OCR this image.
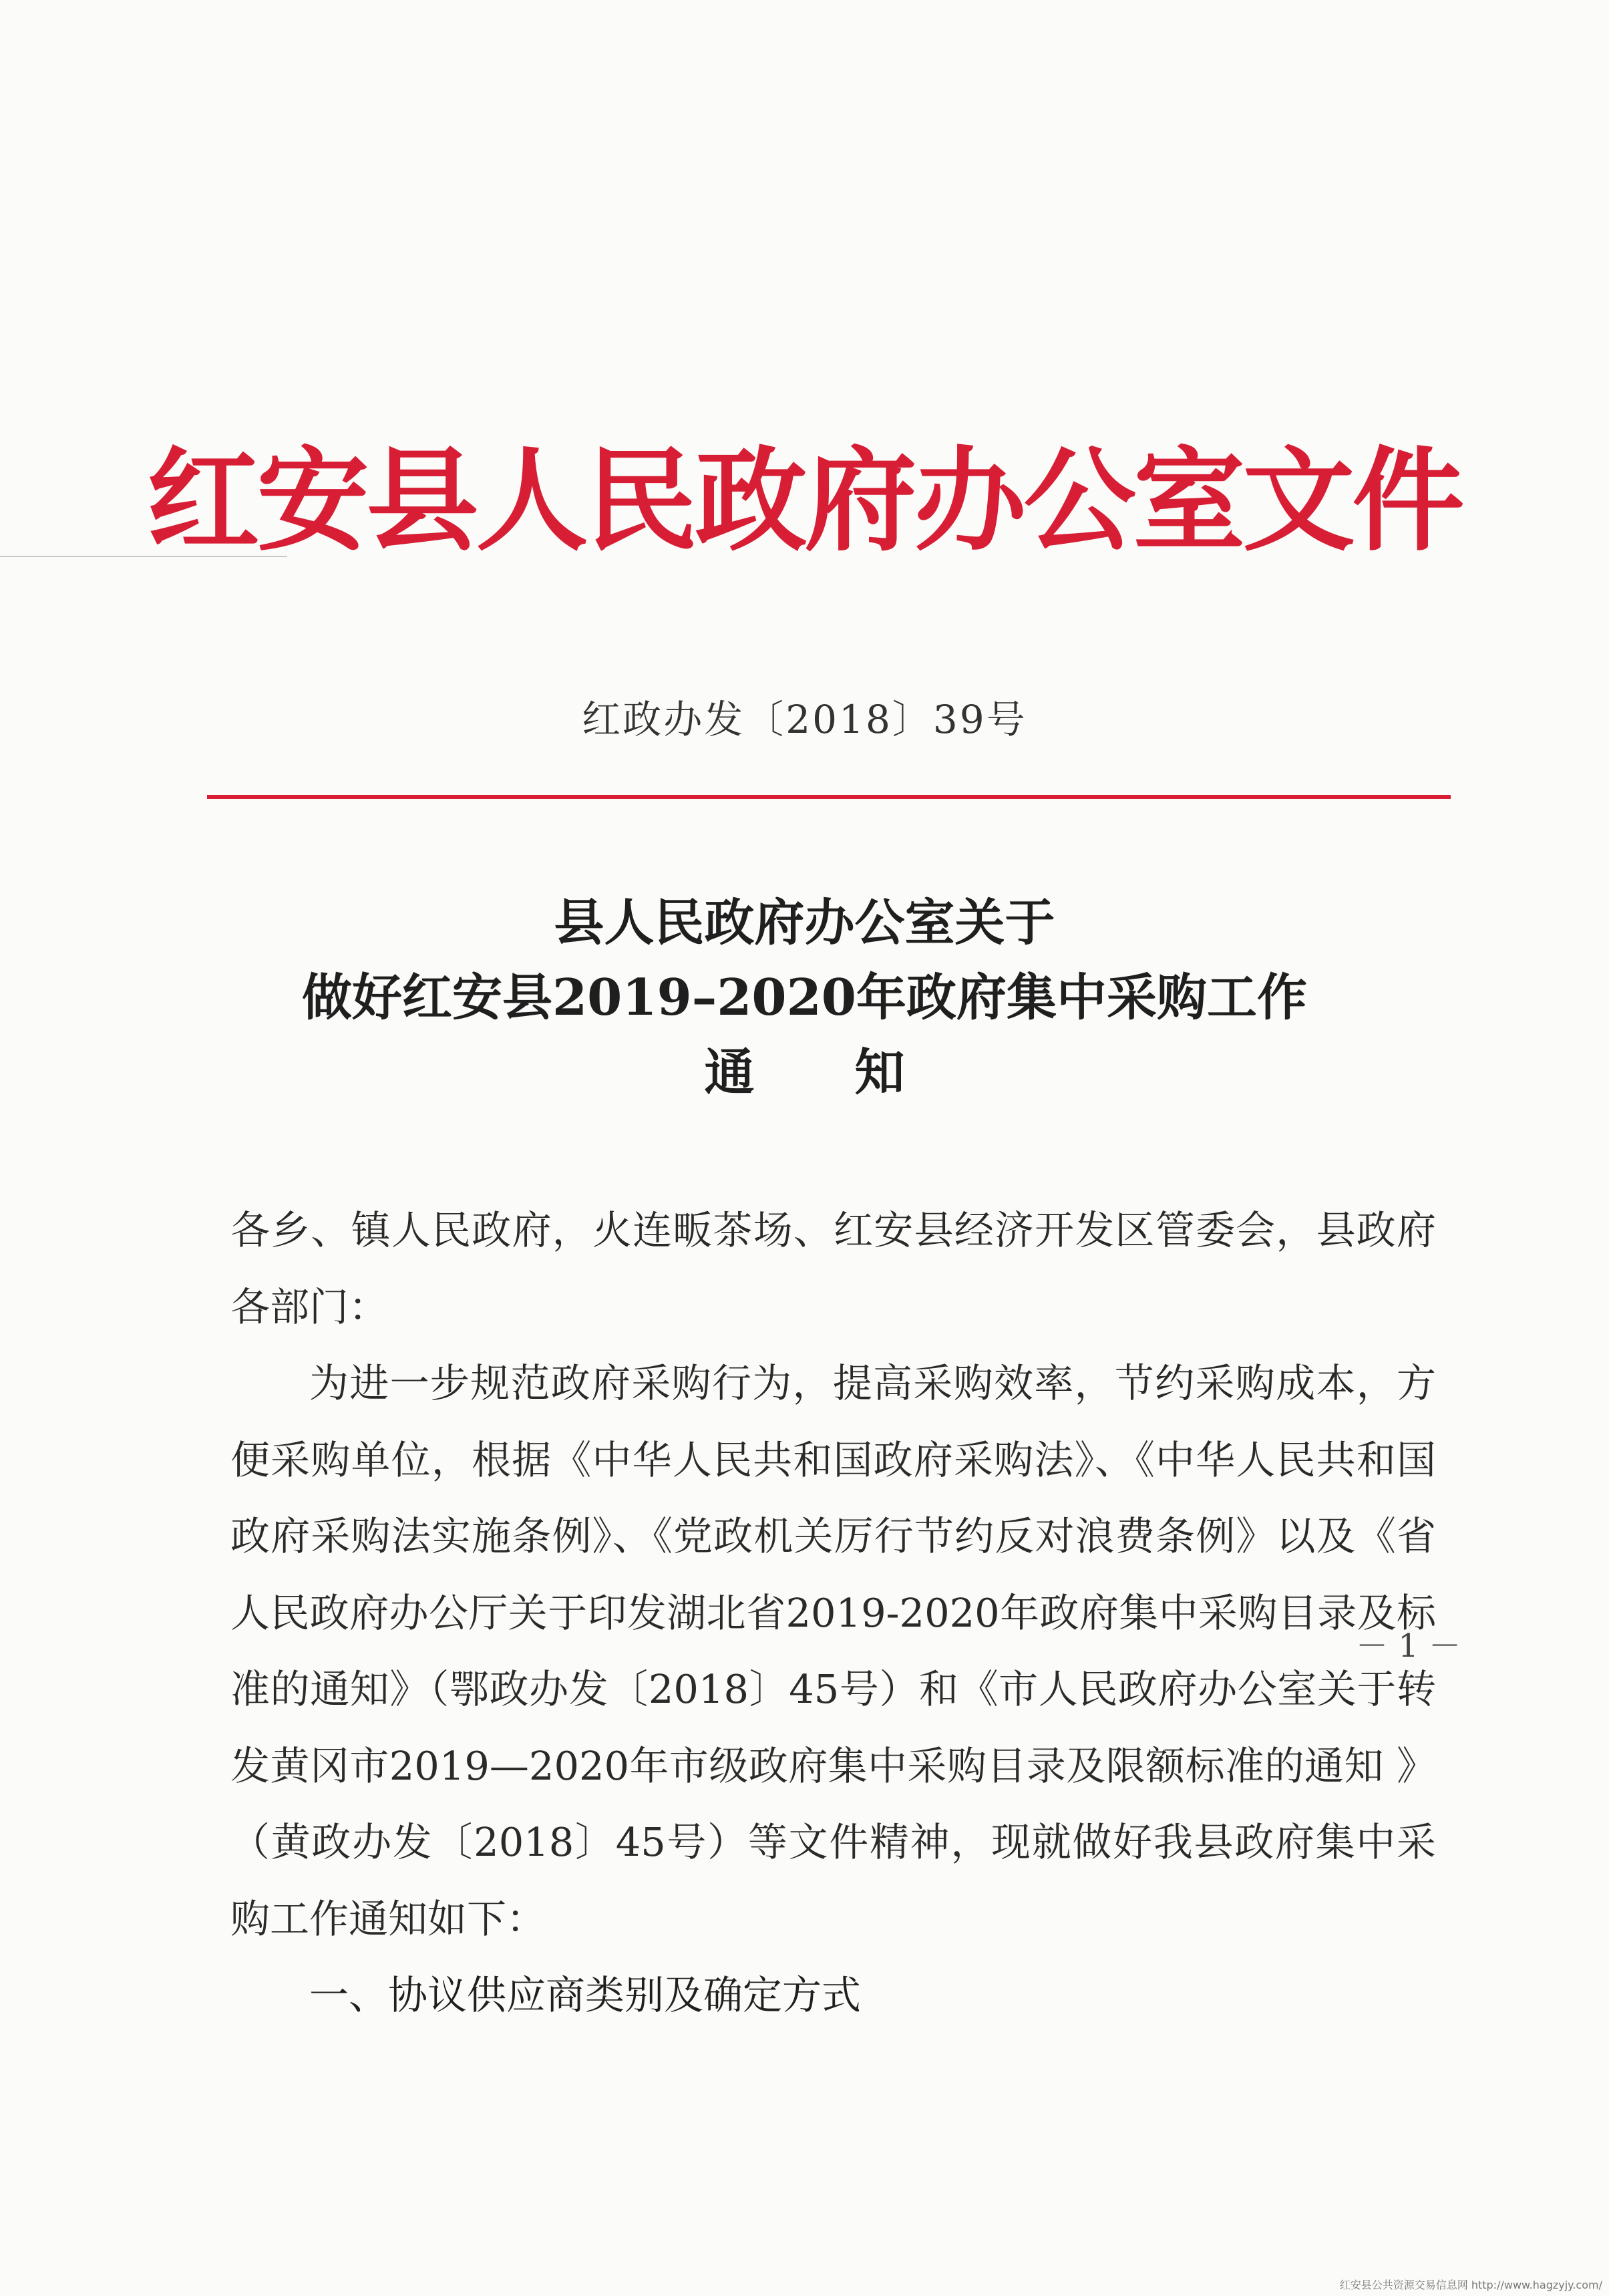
红安县人民政府办公室文件
红政办发〔2018〕39号
县人民政府办公室关于
做好红安县2019–2020年政府集中采购工作
通知

各乡、镇人民政府，火连畈茶场、红安县经济开发区管委会，县政府各部门：

为进一步规范政府采购行为，提高采购效率，节约采购成本，方便采购单位，根据《中华人民共和国政府采购法》、《中华人民共和国政府采购法实施条例》、《党政机关厉行节约反对浪费条例》以及《省人民政府办公厅关于印发湖北省2019-2020年政府集中采购目录及标准的通知》（鄂政办发〔2018〕45号）和《市人民政府办公室关于转发黄冈市2019—2020年市级政府集中采购目录及限额标准的通知 》（黄政办发〔2018〕45号）等文件精神，现就做好我县政府集中采购工作通知如下：

一、协议供应商类别及确定方式

－ 1 －
红安县公共资源交易信息网 http://www.hagzyjy.com/
